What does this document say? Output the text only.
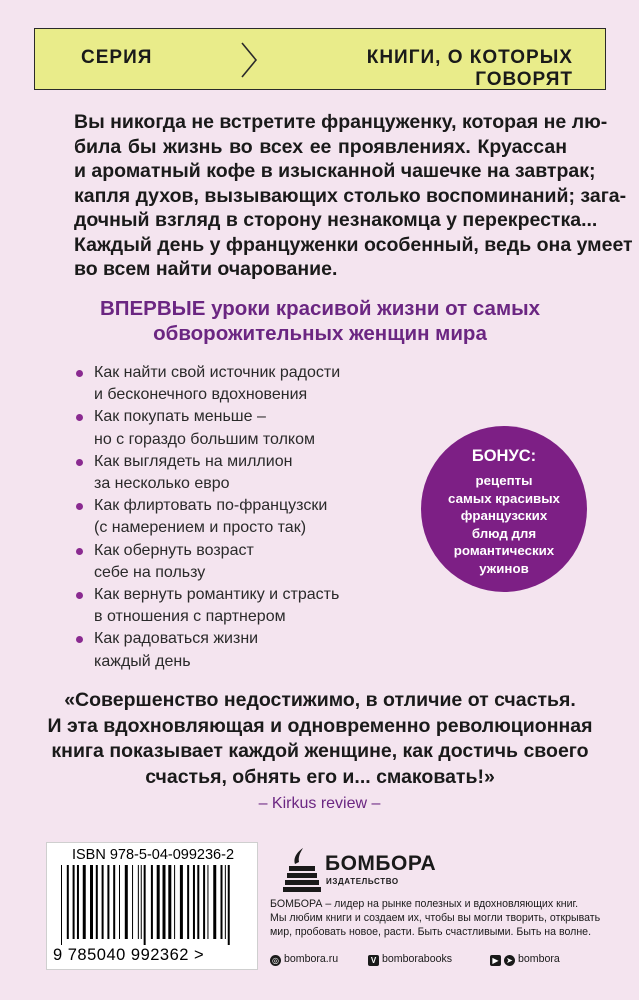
СЕРИЯ	КНИГИ, О КОТОРЫХ ГОВОРЯТ
Вы никогда не встретите француженку, которая не лю-
била бы жизнь во всех ее проявлениях. Круассан
и ароматный кофе в изысканной чашечке на завтрак;
капля духов, вызывающих столько воспоминаний; зага-
дочный взгляд в сторону незнакомца у перекрестка...
Каждый день у француженки особенный, ведь она умеет
во всем найти очарование.
ВПЕРВЫЕ уроки красивой жизни от самых
обворожительных женщин мира
Как найти свой источник радости
и бесконечного вдохновения
Как покупать меньше –
но с гораздо большим толком
Как выглядеть на миллион
за несколько евро
Как флиртовать по-французски
(с намерением и просто так)
Как обернуть возраст
себе на пользу
Как вернуть романтику и страсть
в отношения с партнером
Как радоваться жизни
каждый день
БОНУС:
рецепты
самых красивых
французских
блюд для
романтических
ужинов
«Совершенство недостижимо, в отличие от счастья.
И эта вдохновляющая и одновременно революционная
книга показывает каждой женщине, как достичь своего
счастья, обнять его и... смаковать!»
– Kirkus review –
ISBN 978-5-04-099236-2
9 785040 992362 >
БОМБОРА
ИЗДАТЕЛЬСТВО
БОМБОРА – лидер на рынке полезных и вдохновляющих книг.
Мы любим книги и создаем их, чтобы вы могли творить, открывать
мир, пробовать новое, расти. Быть счастливыми. Быть на волне.
◎ bombora.ru	V bomborabooks	▶ ➤ bombora
